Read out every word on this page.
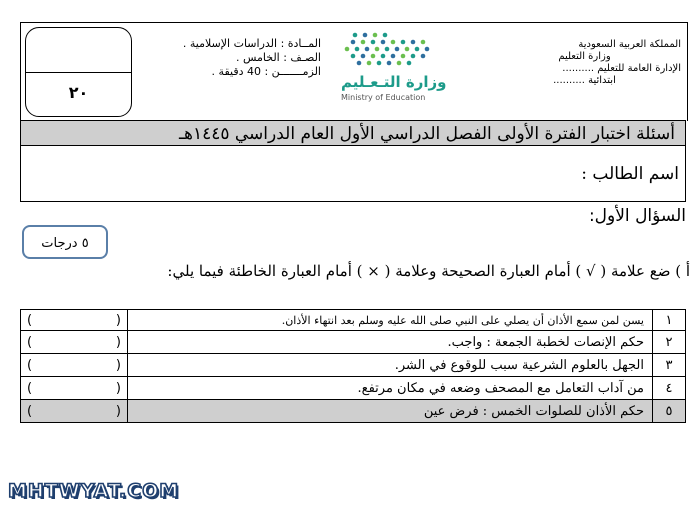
٢٠
المــادة : الدراسات الإسلامية .
الصـف : الخامس .
الزمـــــــن : 40 دقيقة .
وزارة التـعـليم
Ministry of Education
المملكة العربية السعودية
وزارة التعليم
الإدارة العامة للتعليم ..........
ابتدائية ..........
أسئلة اختبار الفترة الأولى الفصل الدراسي الأول العام الدراسي ١٤٤٥هـ
اسم الطالب :
السؤال الأول:
٥ درجات
أ ) ضع علامة ( √ ) أمام العبارة الصحيحة وعلامة ( × ) أمام العبارة الخاطئة فيما يلي:
١	يسن لمن سمع الأذان أن يصلي على النبي صلى الله عليه وسلم بعد انتهاء الأذان.	( )

٢	حكم الإنصات لخطبة الجمعة : واجب.	( )

٣	الجهل بالعلوم الشرعية سبب للوقوع في الشر.	( )

٤	من آداب التعامل مع المصحف وضعه في مكان مرتفع.	( )

٥	حكم الأذان للصلوات الخمس : فرض عين	( )
MHTWYAT.COM
